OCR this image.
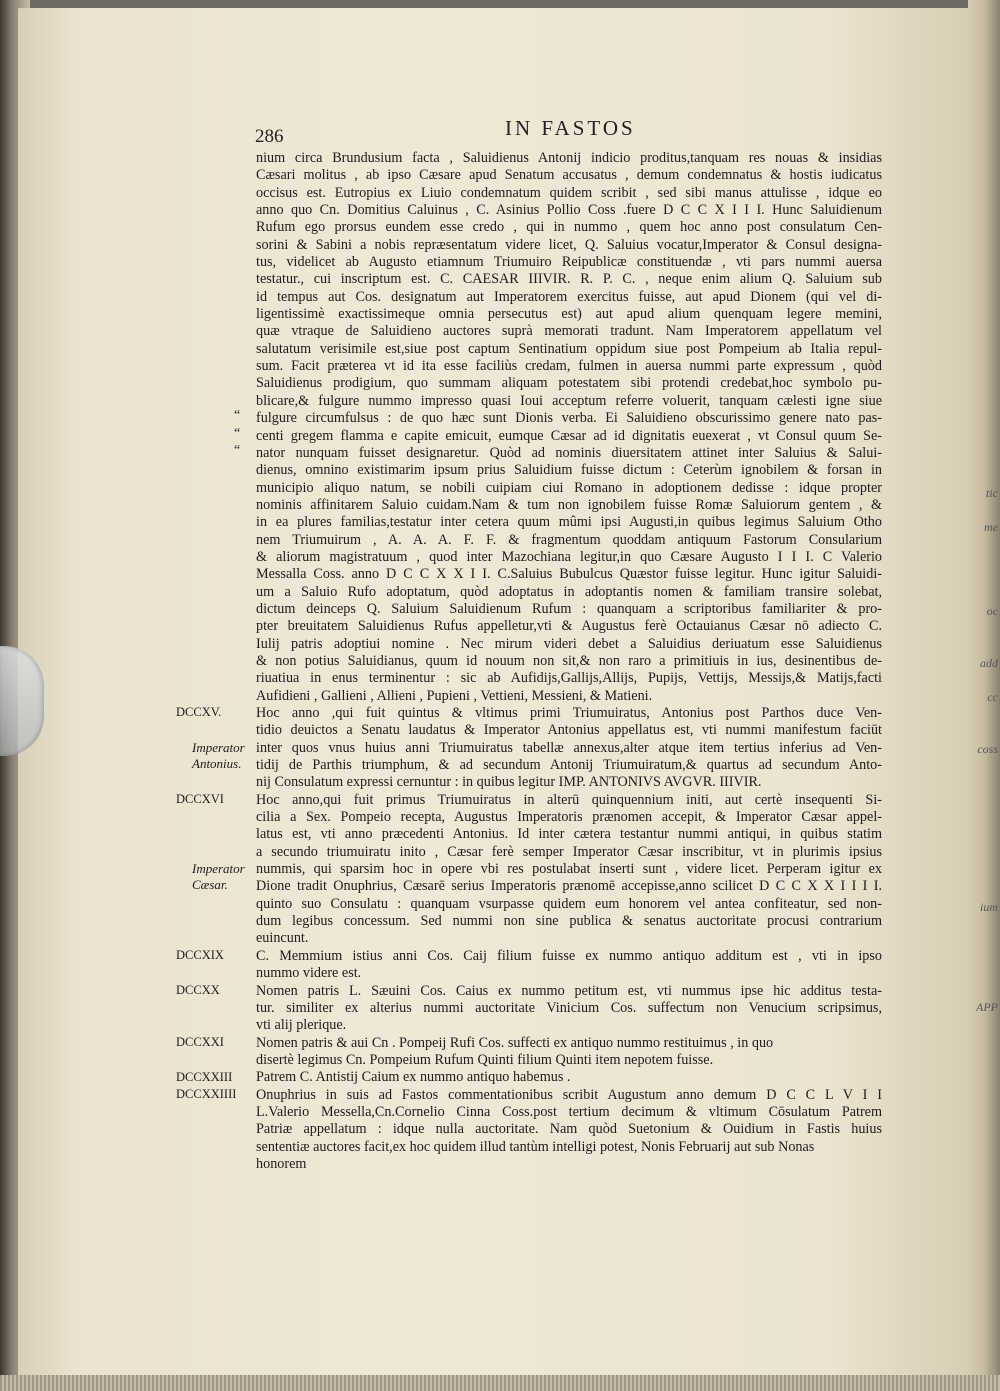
tic
me
oc
add
cc
coss
ium
APP
286	IN FASTOS
nium circa Brundusium facta , Saluidienus Antonij indicio proditus,tanquam res nouas & insidias
Cæsari molitus , ab ipso Cæsare apud Senatum accusatus , demum condemnatus & hostis iudicatus
occisus est. Eutropius ex Liuio condemnatum quidem scribit , sed sibi manus attulisse , idque eo
anno quo Cn. Domitius Caluinus , C. Asinius Pollio Coss .fuere D C C X I I I. Hunc Saluidienum
Rufum ego prorsus eundem esse credo , qui in nummo , quem hoc anno post consulatum Cen-
sorini & Sabini a nobis repræsentatum videre licet, Q. Saluius vocatur,Imperator & Consul designa-
tus, videlicet ab Augusto etiamnum Triumuiro Reipublicæ constituendæ , vti pars nummi auersa
testatur., cui inscriptum est. C. CAESAR IIIVIR. R. P. C. , neque enim alium Q. Saluium sub
id tempus aut Cos. designatum aut Imperatorem exercitus fuisse, aut apud Dionem (qui vel di-
ligentissimè exactissimeque omnia persecutus est) aut apud alium quenquam legere memini,
quæ vtraque de Saluidieno auctores suprà memorati tradunt. Nam Imperatorem appellatum vel
salutatum verisimile est,siue post captum Sentinatium oppidum siue post Pompeium ab Italia repul-
sum. Facit præterea vt id ita esse faciliùs credam, fulmen in auersa nummi parte expressum , quòd
Saluidienus prodigium, quo summam aliquam potestatem sibi protendi credebat,hoc symbolo pu-
blicare,& fulgure nummo impresso quasi Ioui acceptum referre voluerit, tanquam cælesti igne siue
fulgure circumfulsus : de quo hæc sunt Dionis verba. Ei Saluidieno obscurissimo genere nato pas-
centi gregem flamma e capite emicuit, eumque Cæsar ad id dignitatis euexerat , vt Consul quum Se-
nator nunquam fuisset designaretur. Quòd ad nominis diuersitatem attinet inter Saluius & Salui-
dienus, omnino existimarim ipsum prius Saluidium fuisse dictum : Ceterùm ignobilem & forsan in
municipio aliquo natum, se nobili cuipiam ciui Romano in adoptionem dedisse : idque propter
nominis affinitarem Saluio cuidam.Nam & tum non ignobilem fuisse Romæ Saluiorum gentem , &
in ea plures familias,testatur inter cetera quum mûmi ipsi Augusti,in quibus legimus Saluium Otho
nem Triumuirum , A. A. A. F. F. & fragmentum quoddam antiquum Fastorum Consularium
& aliorum magistratuum , quod inter Mazochiana legitur,in quo Cæsare Augusto I I I. C Valerio
Messalla Coss. anno D C C X X I I. C.Saluius Bubulcus Quæstor fuisse legitur. Hunc igitur Saluidi-
um a Saluio Rufo adoptatum, quòd adoptatus in adoptantis nomen & familiam transire solebat,
dictum deinceps Q. Saluium Saluidienum Rufum : quanquam a scriptoribus familiariter & pro-
pter breuitatem Saluidienus Rufus appelletur,vti & Augustus ferè Octauianus Cæsar nō adiecto C.
Iulij patris adoptiui nomine . Nec mirum videri debet a Saluidius deriuatum esse Saluidienus
& non potius Saluidianus, quum id nouum non sit,& non raro a primitiuis in ius, desinentibus de-
riuatiua in enus terminentur : sic ab Aufidijs,Gallijs,Allijs, Pupijs, Vettijs, Messijs,& Matijs,facti
Aufidieni , Gallieni , Allieni , Pupieni , Vettieni, Messieni, & Matieni.
Hoc anno ,qui fuit quintus & vltimus primi Triumuiratus, Antonius post Parthos duce Ven-
tidio deuictos a Senatu laudatus & Imperator Antonius appellatus est, vti nummi manifestum faciūt
inter quos vnus huius anni Triumuiratus tabellæ annexus,alter atque item tertius inferius ad Ven-
tidij de Parthis triumphum, & ad secundum Antonij Triumuiratum,& quartus ad secundum Anto-
nij Consulatum expressi cernuntur : in quibus legitur IMP. ANTONIVS AVGVR. IIIVIR.
Hoc anno,qui fuit primus Triumuiratus in alterū quinquennium initi, aut certè insequenti Si-
cilia a Sex. Pompeio recepta, Augustus Imperatoris prænomen accepit, & Imperator Cæsar appel-
latus est, vti anno præcedenti Antonius. Id inter cætera testantur nummi antiqui, in quibus statim
a secundo triumuiratu inito , Cæsar ferè semper Imperator Cæsar inscribitur, vt in plurimis ipsius
nummis, qui sparsim hoc in opere vbi res postulabat inserti sunt , videre licet. Perperam igitur ex
Dione tradit Onuphrius, Cæsarē serius Imperatoris prænomē accepisse,anno scilicet D C C X X I I I I.
quinto suo Consulatu : quanquam vsurpasse quidem eum honorem vel antea confiteatur, sed non-
dum legibus concessum. Sed nummi non sine publica & senatus auctoritate procusi contrarium
euincunt.
C. Memmium istius anni Cos. Caij filium fuisse ex nummo antiquo additum est , vti in ipso
nummo videre est.
Nomen patris L. Sæuini Cos. Caius ex nummo petitum est, vti nummus ipse hic additus testa-
tur. similiter ex alterius nummi auctoritate Vinicium Cos. suffectum non Venucium scripsimus,
vti alij plerique.
Nomen patris & aui Cn . Pompeij Rufi Cos. suffecti ex antiquo nummo restituimus , in quo
disertè legimus Cn. Pompeium Rufum Quinti filium Quinti item nepotem fuisse.
Patrem C. Antistij Caium ex nummo antiquo habemus .
Onuphrius in suis ad Fastos commentationibus scribit Augustum anno demum D C C L V I I
L.Valerio Messella,Cn.Cornelio Cinna Coss.post tertium decimum & vltimum Cōsulatum Patrem
Patriæ appellatum : idque nulla auctoritate. Nam quòd Suetonium & Ouidium in Fastis huius
sententiæ auctores facit,ex hoc quidem illud tantùm intelligi potest, Nonis Februarij aut sub Nonas
honorem
DCCXV.
Imperator Antonius.
DCCXVI
Imperator Cæsar.
DCCXIX
DCCXX
DCCXXI
DCCXXIII
DCCXXIIII
“
“
“
